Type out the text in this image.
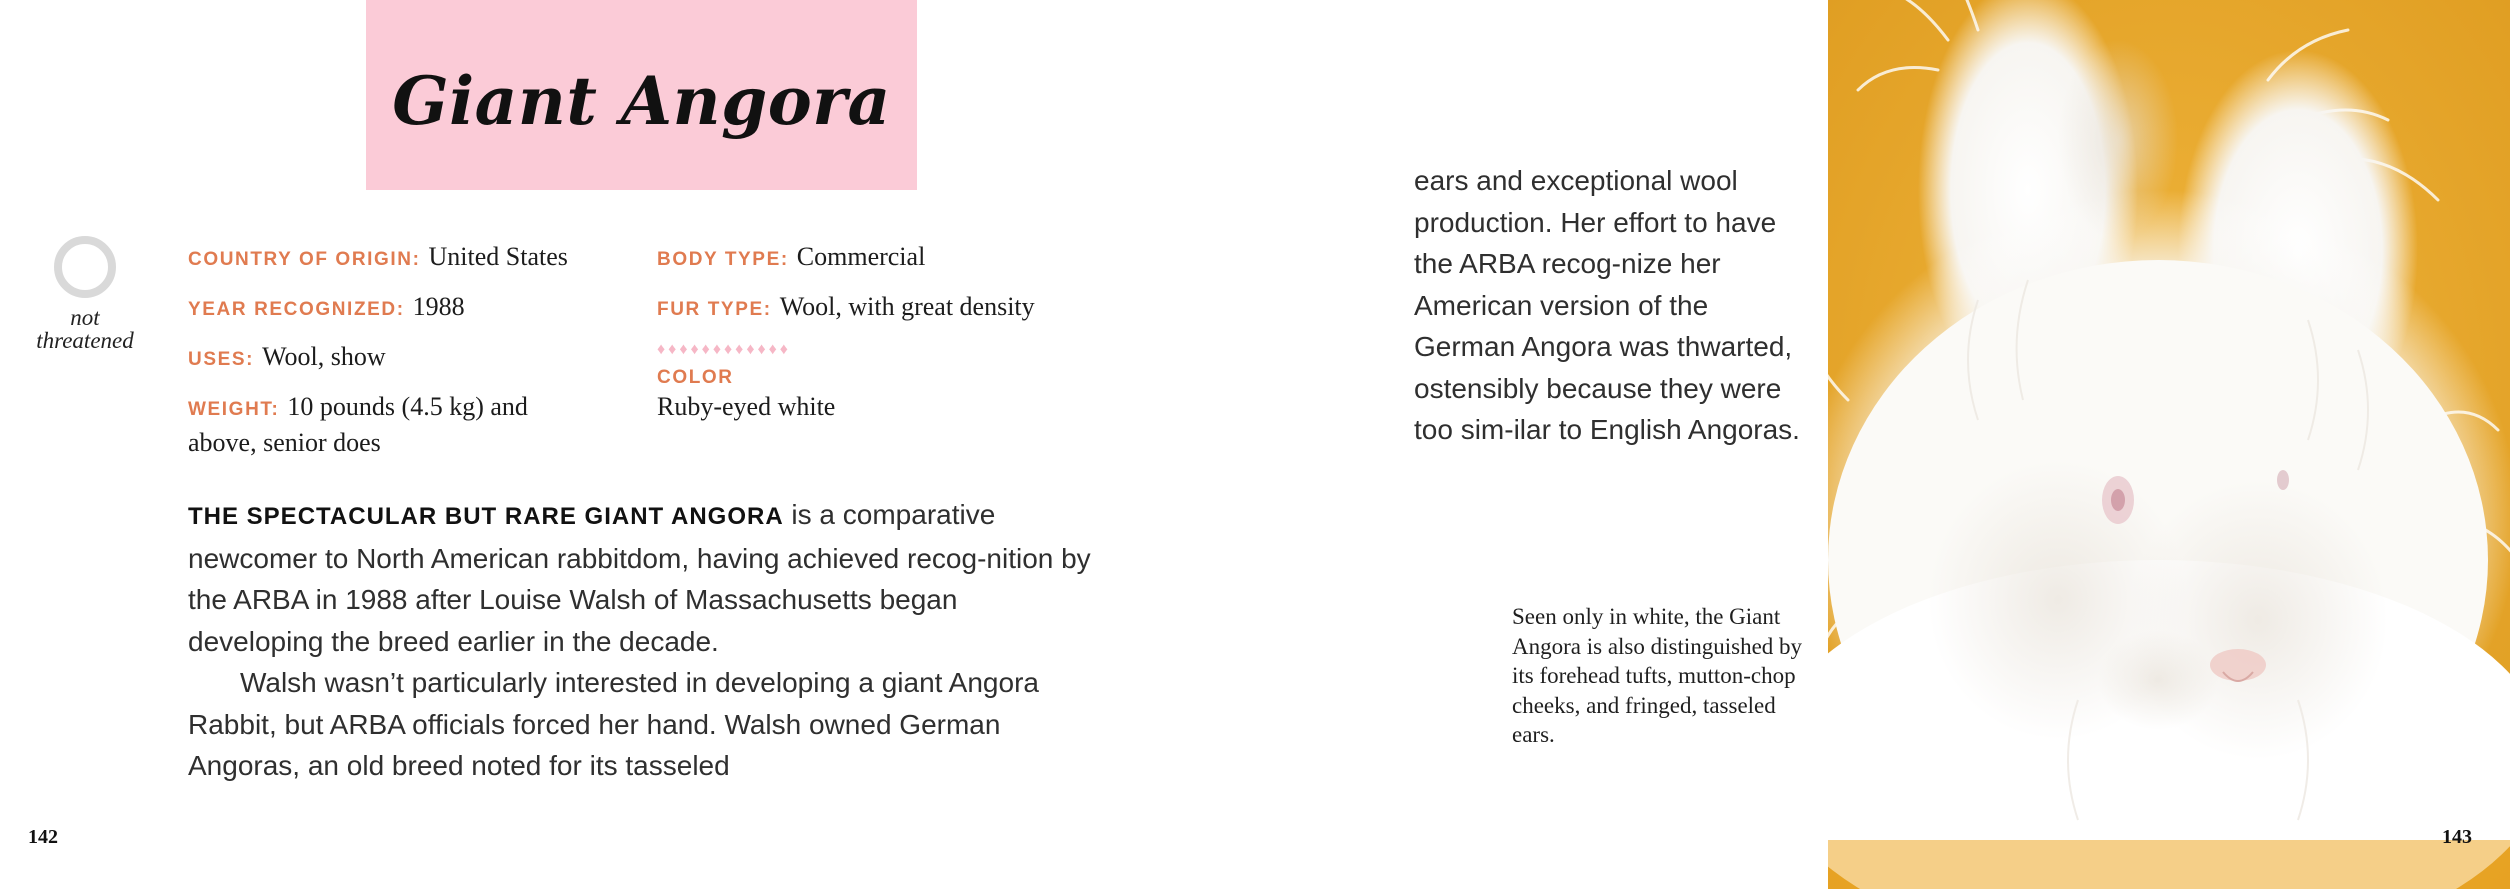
Giant Angora
not
threatened
COUNTRY OF ORIGIN: United States
YEAR RECOGNIZED: 1988
USES: Wool, show
WEIGHT: 10 pounds (4.5 kg) and above, senior does
BODY TYPE: Commercial
FUR TYPE: Wool, with great density
♦♦♦♦♦♦♦♦♦♦♦♦
COLOR
Ruby-eyed white

THE SPECTACULAR BUT RARE GIANT ANGORA is a comparative newcomer to North American rabbitdom, having achieved recog-nition by the ARBA in 1988 after Louise Walsh of Massachusetts began developing the breed earlier in the decade.

Walsh wasn’t particularly interested in developing a giant Angora Rabbit, but ARBA officials forced her hand. Walsh owned German Angoras, an old breed noted for its tasseled

ears and exceptional wool production. Her effort to have the ARBA recog-nize her American version of the German Angora was thwarted, ostensibly because they were too sim-ilar to English Angoras.
Seen only in white, the Giant Angora is also distinguished by its forehead tufts, mutton-chop cheeks, and fringed, tasseled ears.
142	143
